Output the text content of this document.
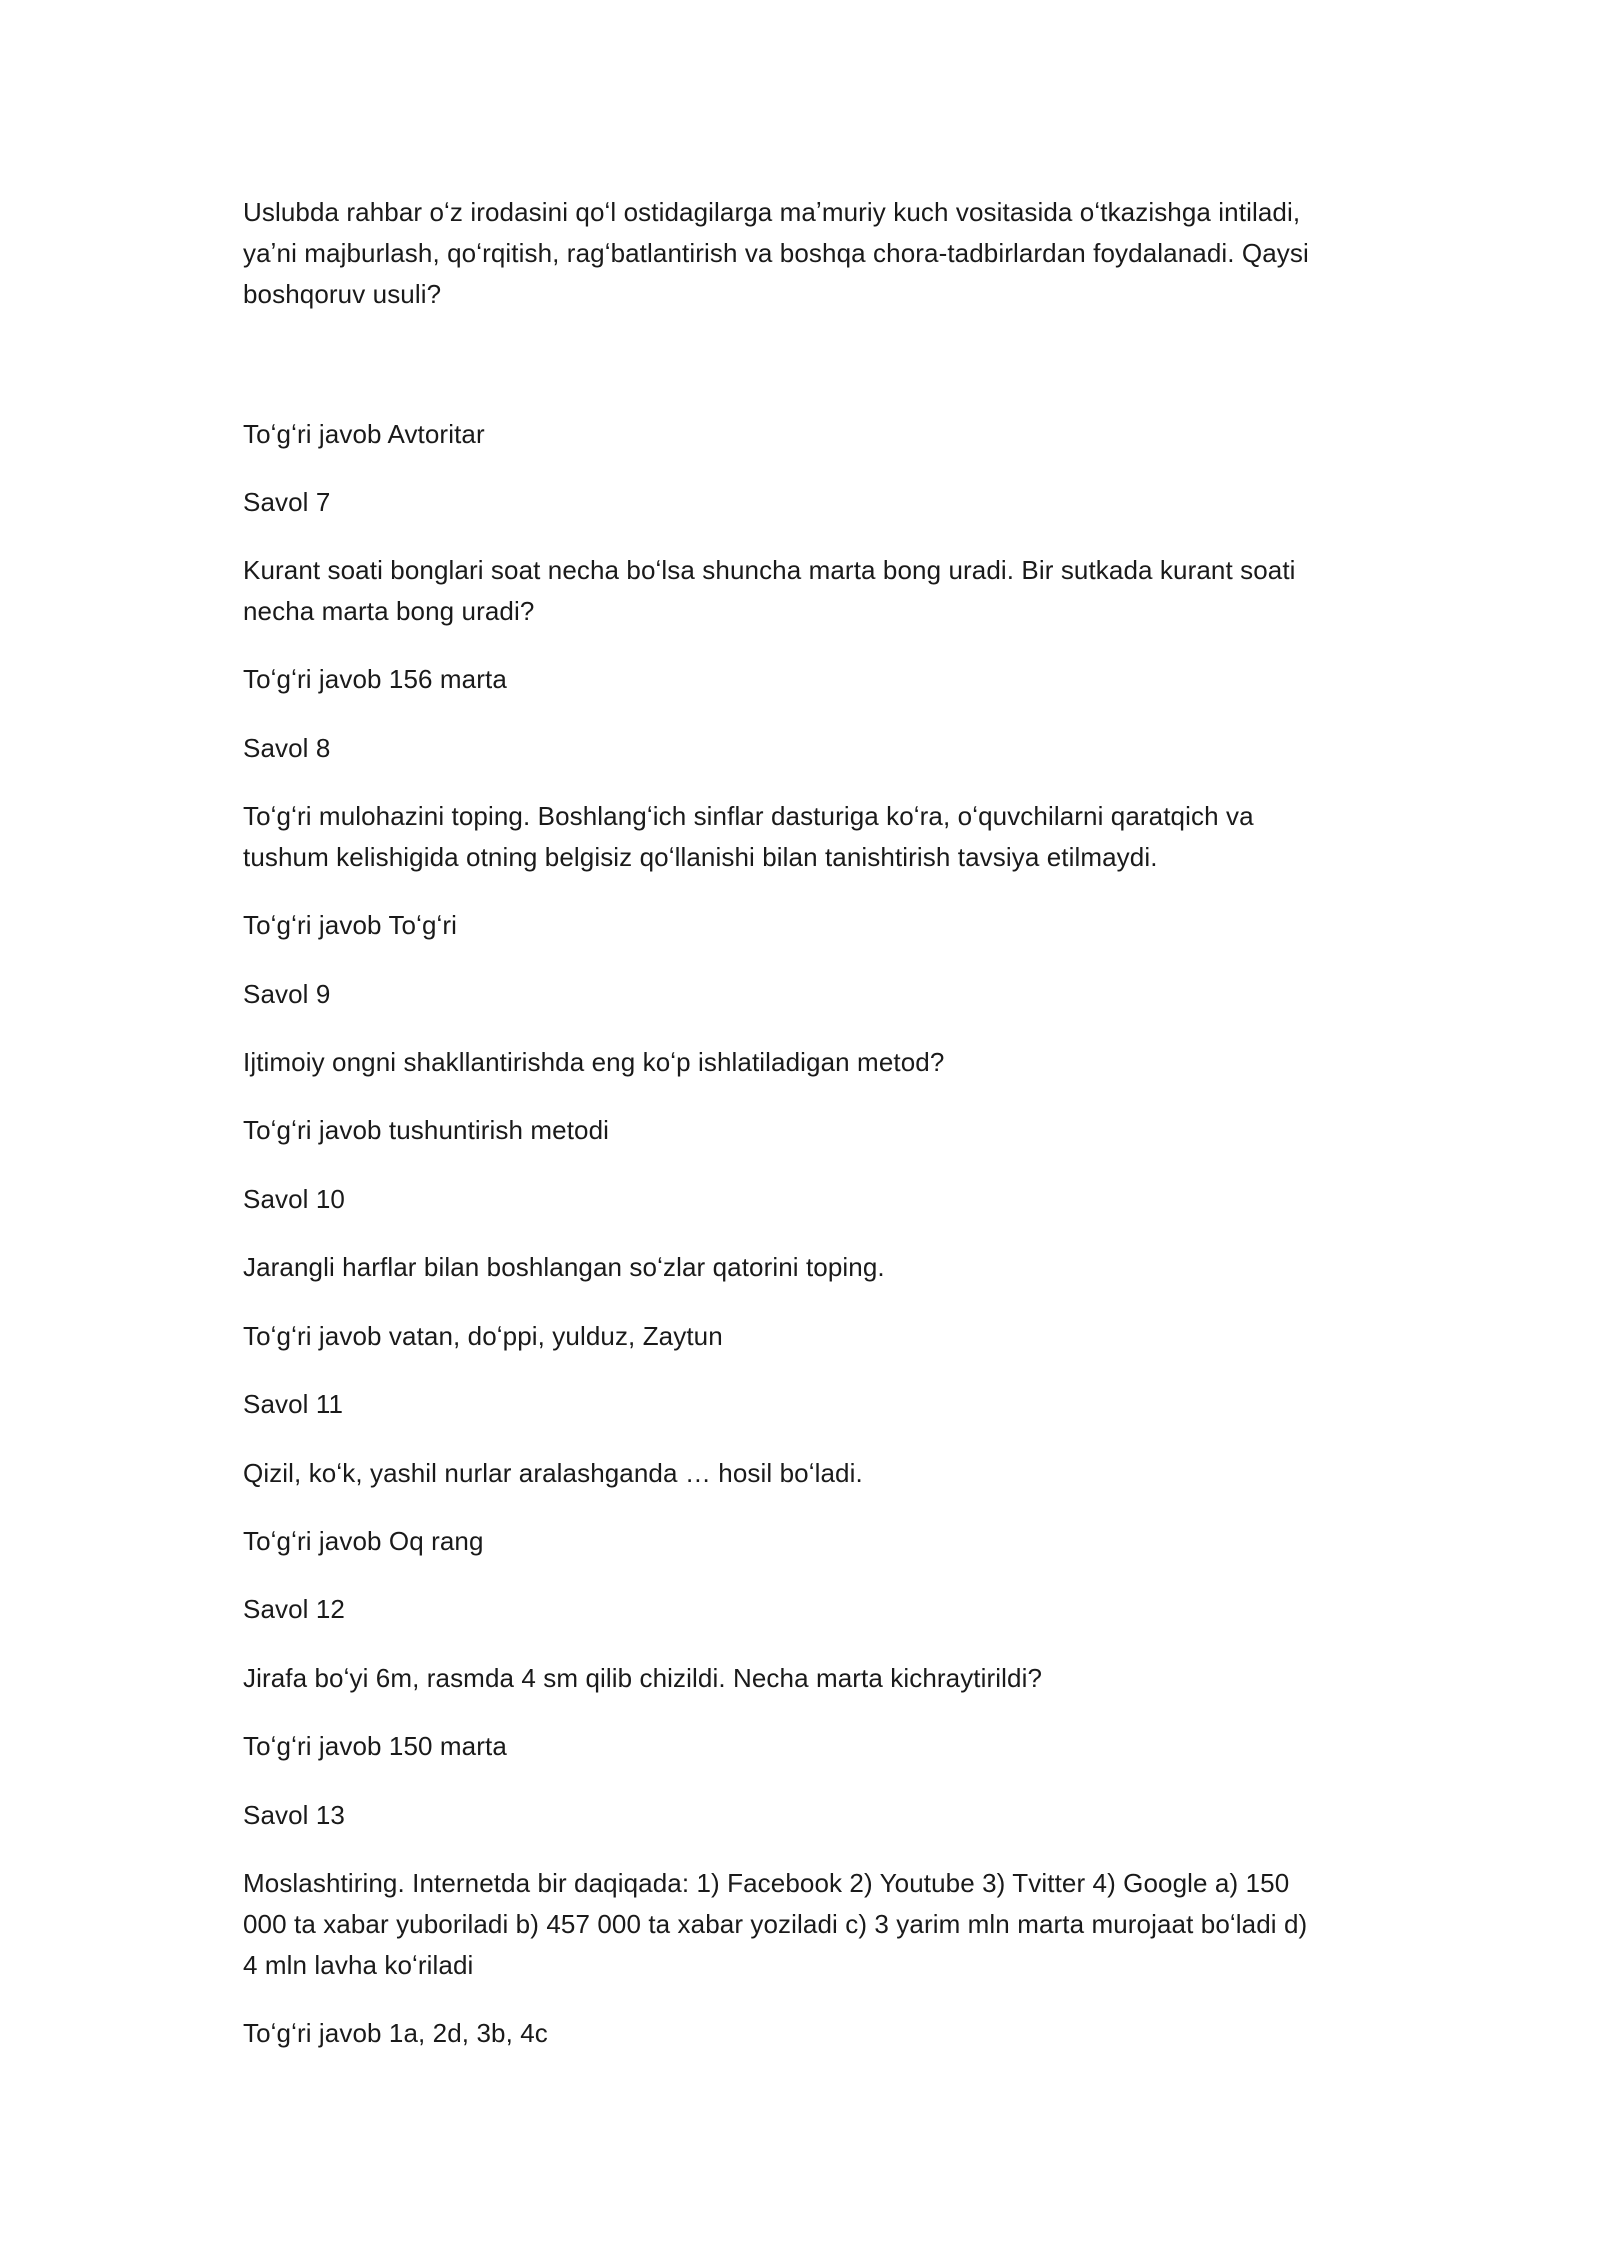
Uslubda rahbar oʻz irodasini qoʻl ostidagilarga maʼmuriy kuch vositasida oʻtkazishga intiladi,
yaʼni majburlash, qoʻrqitish, ragʻbatlantirish va boshqa chora-tadbirlardan foydalanadi. Qaysi
boshqoruv usuli?
Toʻgʻri javob Avtoritar
Savol 7
Kurant soati bonglari soat necha boʻlsa shuncha marta bong uradi. Bir sutkada kurant soati
necha marta bong uradi?
Toʻgʻri javob 156 marta
Savol 8
Toʻgʻri mulohazini toping. Boshlangʻich sinflar dasturiga koʻra, oʻquvchilarni qaratqich va
tushum kelishigida otning belgisiz qoʻllanishi bilan tanishtirish tavsiya etilmaydi.
Toʻgʻri javob Toʻgʻri
Savol 9
Ijtimoiy ongni shakllantirishda eng koʻp ishlatiladigan metod?
Toʻgʻri javob tushuntirish metodi
Savol 10
Jarangli harflar bilan boshlangan soʻzlar qatorini toping.
Toʻgʻri javob vatan, doʻppi, yulduz, Zaytun
Savol 11
Qizil, koʻk, yashil nurlar aralashganda … hosil boʻladi.
Toʻgʻri javob Oq rang
Savol 12
Jirafa boʻyi 6m, rasmda 4 sm qilib chizildi. Necha marta kichraytirildi?
Toʻgʻri javob 150 marta
Savol 13
Moslashtiring. Internetda bir daqiqada: 1) Facebook 2) Youtube 3) Tvitter 4) Google a) 150
000 ta xabar yuboriladi b) 457 000 ta xabar yoziladi c) 3 yarim mln marta murojaat boʻladi d)
4 mln lavha koʻriladi
Toʻgʻri javob 1a, 2d, 3b, 4c
